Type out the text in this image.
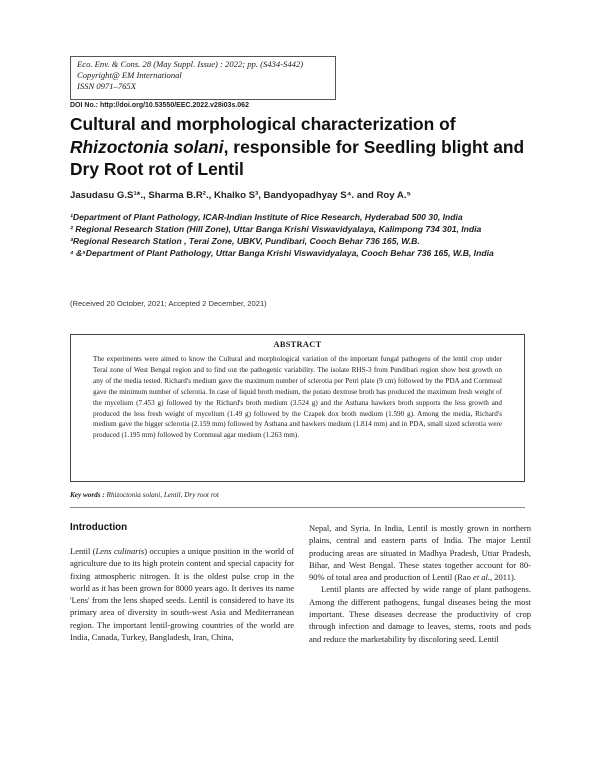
Eco. Env. & Cons. 28 (May Suppl. Issue) : 2022; pp. (S434-S442)
Copyright@ EM International
ISSN 0971–765X
DOI No.: http://doi.org/10.53550/EEC.2022.v28i03s.062
Cultural and morphological characterization of Rhizoctonia solani, responsible for Seedling blight and Dry Root rot of Lentil
Jasudasu G.S¹*., Sharma B.R²., Khalko S³, Bandyopadhyay S⁴. and Roy A.⁵

¹Department of Plant Pathology, ICAR-Indian Institute of Rice Research, Hyderabad 500 30, India

² Regional Research Station (Hill Zone), Uttar Banga Krishi Viswavidyalaya, Kalimpong 734 301, India

³Regional Research Station , Terai Zone, UBKV, Pundibari, Cooch Behar 736 165, W.B.

⁴ &⁵Department of Plant Pathology, Uttar Banga Krishi Viswavidyalaya, Cooch Behar 736 165, W.B, India

(Received 20 October, 2021; Accepted 2 December, 2021)
ABSTRACT
The experiments were aimed to know the Cultural and morphological variation of the important fungal pathogens of the lentil crop under Terai zone of West Bengal region and to find out the pathogenic variability. The isolate RHS-3 from Pundibari region show best growth on any of the media tested. Richard's medium gave the maximum number of sclerotia per Petri plate (9 cm) followed by the PDA and Cornmeal gave the minimum number of sclerotia. In case of liquid broth medium, the potato dextrose broth has produced the maximum fresh weight of the mycelium (7.453 g) followed by the Richard's broth medium (3.524 g) and the Asthana hawkers broth supports the less growth and produced the less fresh weight of mycelium (1.49 g) followed by the Czapek dox broth medium (1.590 g). Among the media, Richard's medium gave the bigger sclerotia (2.159 mm) followed by Asthana and hawkers medium (1.814 mm) and in PDA, small sized sclerotia were produced (1.195 mm) followed by Cornmeal agar medium (1.263 mm).
Key words : Rhizoctonia solani, Lentil, Dry root rot
Introduction
Lentil (Lens culinaris) occupies a unique position in the world of agriculture due to its high protein content and special capacity for fixing atmospheric nitrogen. It is the oldest pulse crop in the world as it has been grown for 8000 years ago. It derives its name 'Lens' from the lens shaped seeds. Lentil is considered to have its primary area of diversity in south-west Asia and Mediterranean region. The important lentil-growing countries of the world are India, Canada, Turkey, Bangladesh, Iran, China,
Nepal, and Syria. In India, Lentil is mostly grown in northern plains, central and eastern parts of India. The major Lentil producing areas are situated in Madhya Pradesh, Uttar Pradesh, Bihar, and West Bengal. These states together account for 80-90% of total area and production of Lentil (Rao et al., 2011).
Lentil plants are affected by wide range of plant pathogens. Among the different pathogens, fungal diseases being the most important. These diseases decrease the productivity of crop through infection and damage to leaves, stems, roots and pods and reduce the marketability by discoloring seed. Lentil
